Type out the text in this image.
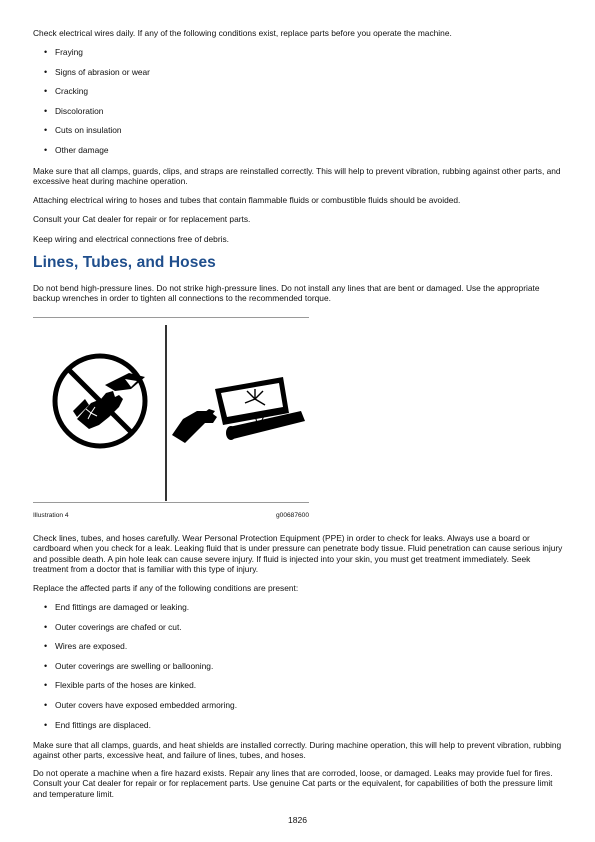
Check electrical wires daily. If any of the following conditions exist, replace parts before you operate the machine.

• Fraying
• Signs of abrasion or wear
• Cracking
• Discoloration
• Cuts on insulation
• Other damage

Make sure that all clamps, guards, clips, and straps are reinstalled correctly. This will help to prevent vibration, rubbing against other parts, and excessive heat during machine operation.

Attaching electrical wiring to hoses and tubes that contain flammable fluids or combustible fluids should be avoided.

Consult your Cat dealer for repair or for replacement parts.

Keep wiring and electrical connections free of debris.

Lines, Tubes, and Hoses

Do not bend high-pressure lines. Do not strike high-pressure lines. Do not install any lines that are bent or damaged. Use the appropriate backup wrenches in order to tighten all connections to the recommended torque.

Illustration 4	g00687600

Check lines, tubes, and hoses carefully. Wear Personal Protection Equipment (PPE) in order to check for leaks. Always use a board or cardboard when you check for a leak. Leaking fluid that is under pressure can penetrate body tissue. Fluid penetration can cause serious injury and possible death. A pin hole leak can cause severe injury. If fluid is injected into your skin, you must get treatment immediately. Seek treatment from a doctor that is familiar with this type of injury.

Replace the affected parts if any of the following conditions are present:

• End fittings are damaged or leaking.
• Outer coverings are chafed or cut.
• Wires are exposed.
• Outer coverings are swelling or ballooning.
• Flexible parts of the hoses are kinked.
• Outer covers have exposed embedded armoring.
• End fittings are displaced.

Make sure that all clamps, guards, and heat shields are installed correctly. During machine operation, this will help to prevent vibration, rubbing against other parts, excessive heat, and failure of lines, tubes, and hoses.

Do not operate a machine when a fire hazard exists. Repair any lines that are corroded, loose, or damaged. Leaks may provide fuel for fires. Consult your Cat dealer for repair or for replacement parts. Use genuine Cat parts or the equivalent, for capabilities of both the pressure limit and temperature limit.

1826
